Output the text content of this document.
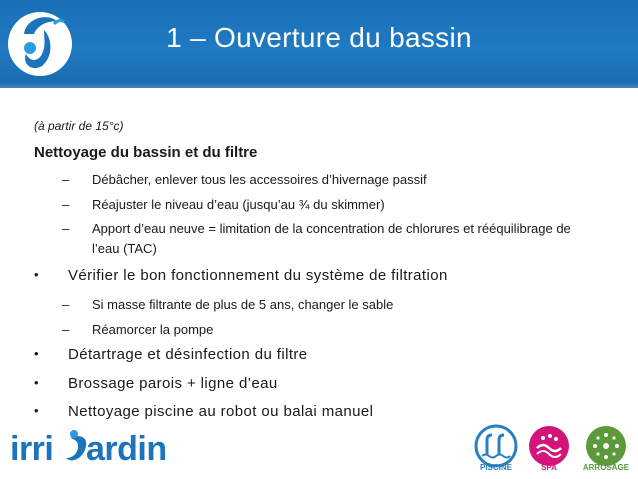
1 – Ouverture du bassin
(à partir de 15°c)
Nettoyage du bassin et du filtre
– Débâcher, enlever tous les accessoires d’hivernage passif
– Réajuster le niveau d’eau (jusqu’au ¾ du skimmer)
– Apport d’eau neuve = limitation de la concentration de chlorures et rééquilibrage de l’eau (TAC)
• Vérifier le bon fonctionnement du système de filtration
– Si masse filtrante de plus de 5 ans, changer le sable
– Réamorcer la pompe
• Détartrage et désinfection du filtre
• Brossage parois + ligne d’eau
• Nettoyage piscine au robot ou balai manuel
irri ardin	PISCINE	SPA	ARROSAGE
